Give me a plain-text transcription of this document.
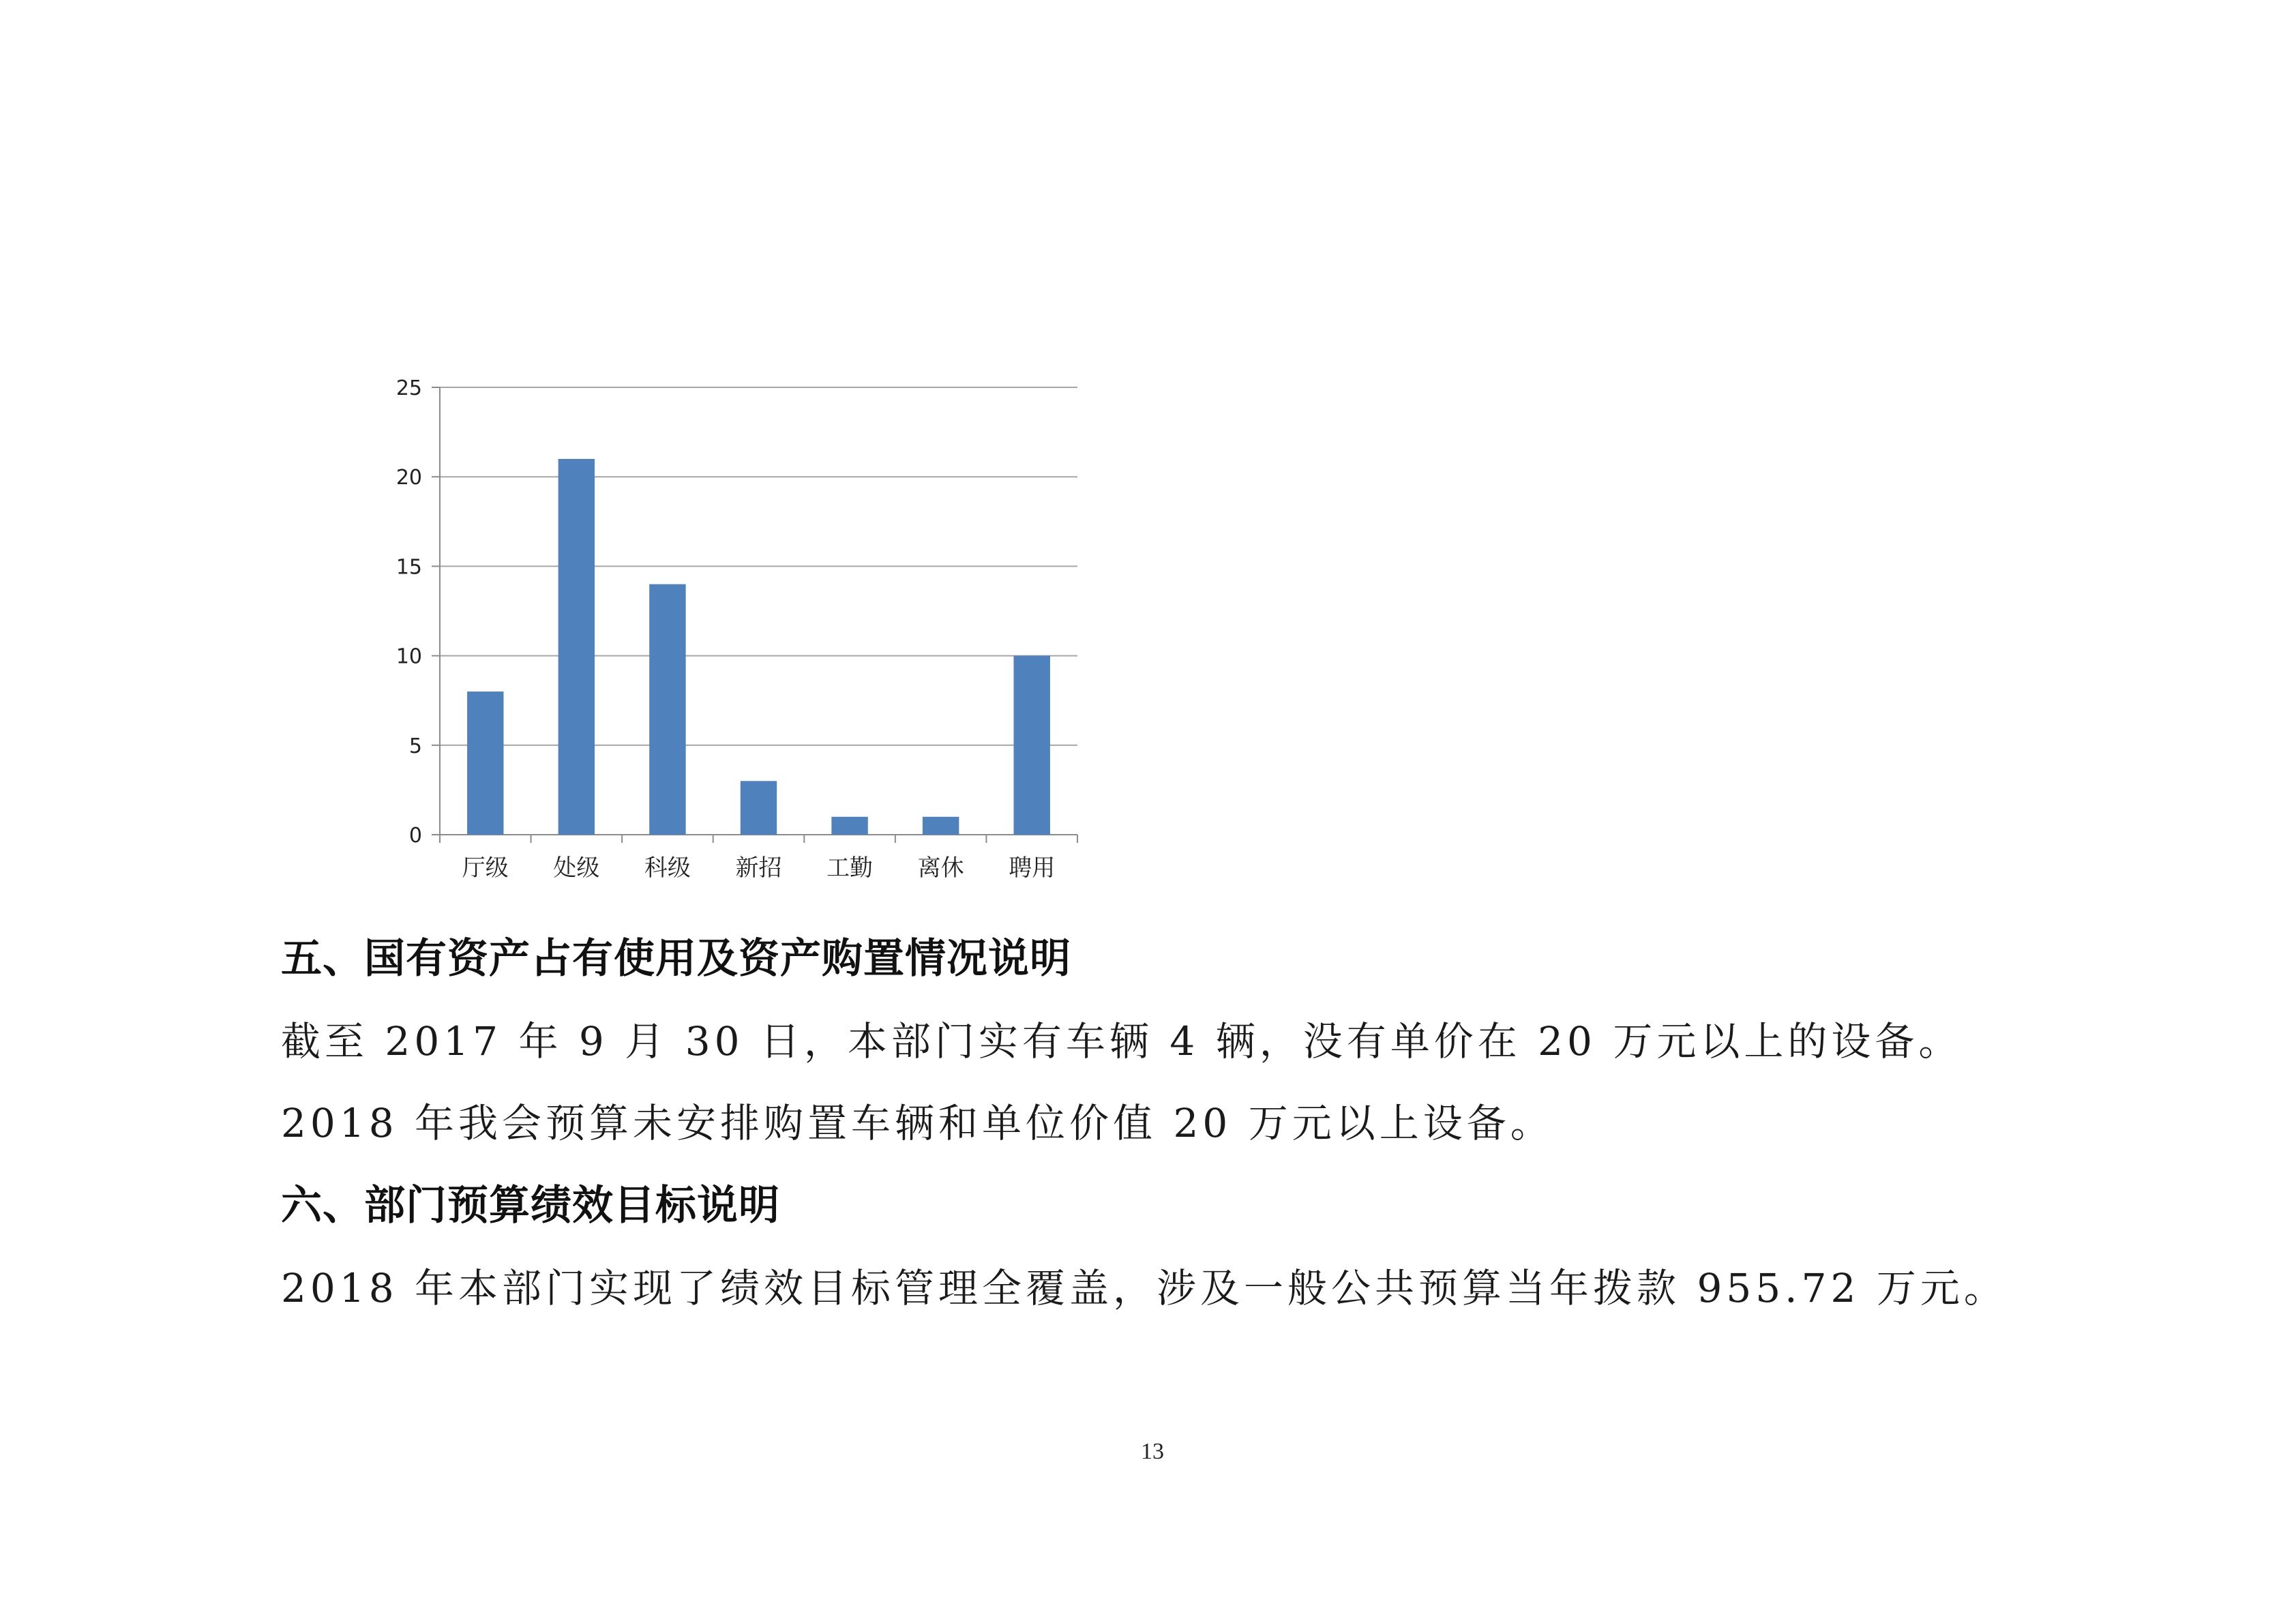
0
5
10
15
20
25
厅级 处级 科级 新招 工勤 离休 聘用
五、国有资产占有使用及资产购置情况说明
截至 2017 年 9 月 30 日，本部门实有车辆 4 辆，没有单价在 20 万元以上的设备。
2018 年我会预算未安排购置车辆和单位价值 20 万元以上设备。
六、部门预算绩效目标说明
2018 年本部门实现了绩效目标管理全覆盖，涉及一般公共预算当年拨款 955.72 万元。
13
